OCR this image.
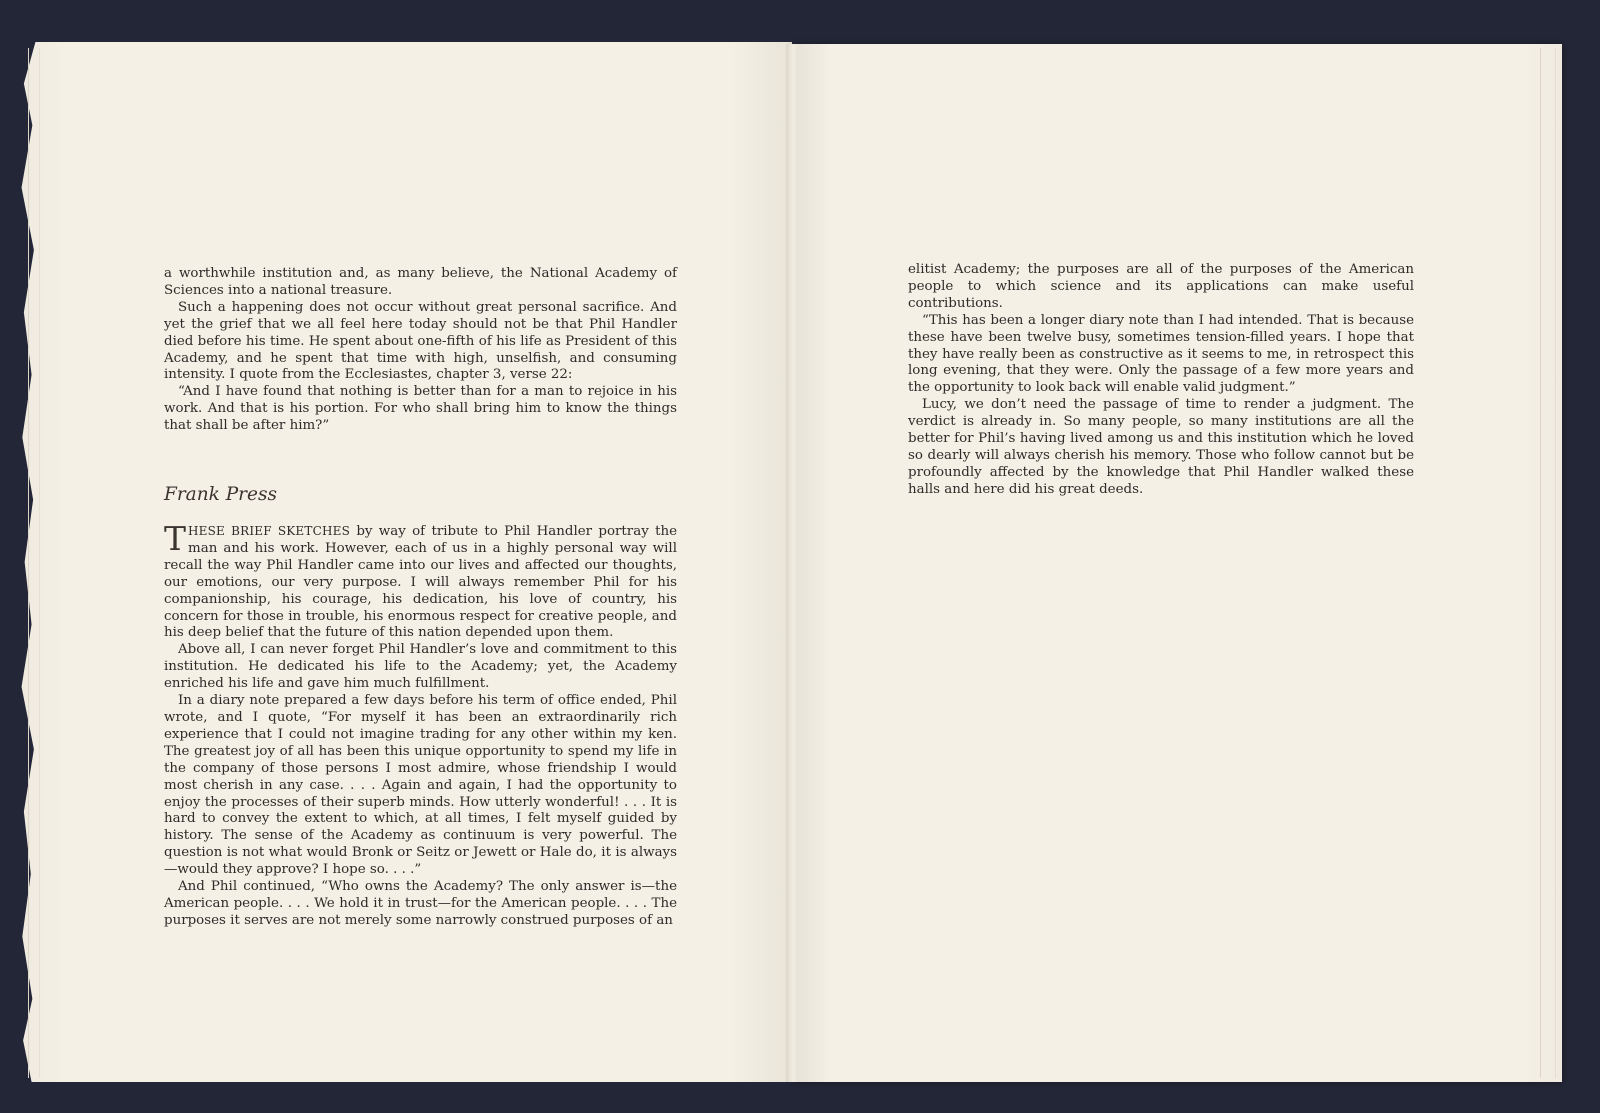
a worthwhile institution and, as many believe, the National Academy of Sciences into a national treasure.

Such a happening does not occur without great personal sacrifice. And yet the grief that we all feel here today should not be that Phil Handler died before his time. He spent about one-fifth of his life as President of this Academy, and he spent that time with high, unselfish, and consuming intensity. I quote from the Ecclesiastes, chapter 3, verse 22:

“And I have found that nothing is better than for a man to rejoice in his work. And that is his portion. For who shall bring him to know the things that shall be after him?”

Frank Press

THESE BRIEF SKETCHES by way of tribute to Phil Handler portray the man and his work. However, each of us in a highly personal way will recall the way Phil Handler came into our lives and affected our thoughts, our emotions, our very purpose. I will always remember Phil for his companionship, his courage, his dedication, his love of country, his concern for those in trouble, his enormous respect for creative people, and his deep belief that the future of this nation depended upon them.

Above all, I can never forget Phil Handler’s love and commitment to this institution. He dedicated his life to the Academy; yet, the Academy enriched his life and gave him much fulfillment.

In a diary note prepared a few days before his term of office ended, Phil wrote, and I quote, “For myself it has been an extraordinarily rich experience that I could not imagine trading for any other within my ken. The greatest joy of all has been this unique opportunity to spend my life in the company of those persons I most admire, whose friendship I would most cherish in any case. . . . Again and again, I had the opportunity to enjoy the processes of their superb minds. How utterly wonderful! . . . It is hard to convey the extent to which, at all times, I felt myself guided by history. The sense of the Academy as continuum is very powerful. The question is not what would Bronk or Seitz or Jewett or Hale do, it is always—would they approve? I hope so. . . .”

And Phil continued, “Who owns the Academy? The only answer is—the American people. . . . We hold it in trust—for the American people. . . . The purposes it serves are not merely some narrowly construed purposes of an

elitist Academy; the purposes are all of the purposes of the American people to which science and its applications can make useful contributions.

“This has been a longer diary note than I had intended. That is because these have been twelve busy, sometimes tension-filled years. I hope that they have really been as constructive as it seems to me, in retrospect this long evening, that they were. Only the passage of a few more years and the opportunity to look back will enable valid judgment.”

Lucy, we don’t need the passage of time to render a judgment. The verdict is already in. So many people, so many institutions are all the better for Phil’s having lived among us and this institution which he loved so dearly will always cherish his memory. Those who follow cannot but be profoundly affected by the knowledge that Phil Handler walked these halls and here did his great deeds.
